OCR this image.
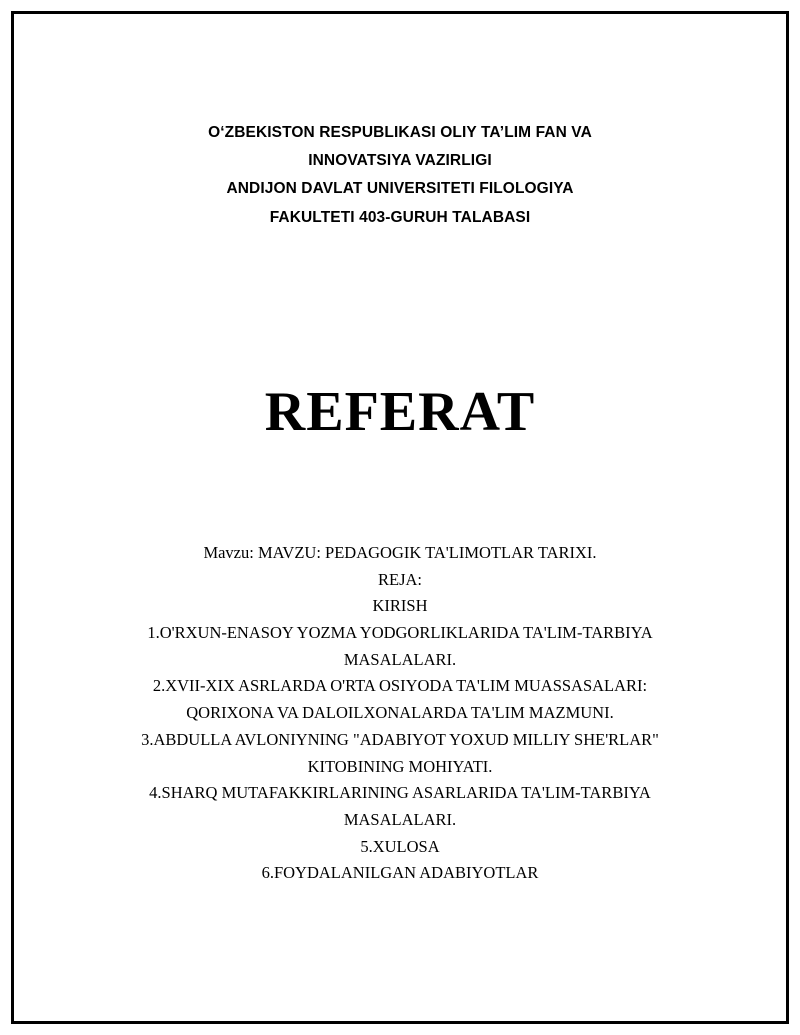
O‘ZBEKISTON RESPUBLIKASI OLIY TA’LIM FAN VA
INNOVATSIYA VAZIRLIGI
ANDIJON DAVLAT UNIVERSITETI FILOLOGIYA
FAKULTETI 403-GURUH TALABASI
REFERAT
Mavzu: MAVZU: PEDAGOGIK TA'LIMOTLAR TARIXI.
REJA:
KIRISH
1.O'RXUN-ENASOY YOZMA YODGORLIKLARIDA TA'LIM-TARBIYA MASALALARI.
2.XVII-XIX ASRLARDA O'RTA OSIYODA TA'LIM MUASSASALARI: QORIXONA VA DALOILXONALARDA TA'LIM MAZMUNI.
3.ABDULLA AVLONIYNING "ADABIYOT YOXUD MILLIY SHE'RLAR" KITOBINING MOHIYATI.
4.SHARQ MUTAFAKKIRLARINING ASARLARIDA TA'LIM-TARBIYA MASALALARI.
5.XULOSA
6.FOYDALANILGAN ADABIYOTLAR
